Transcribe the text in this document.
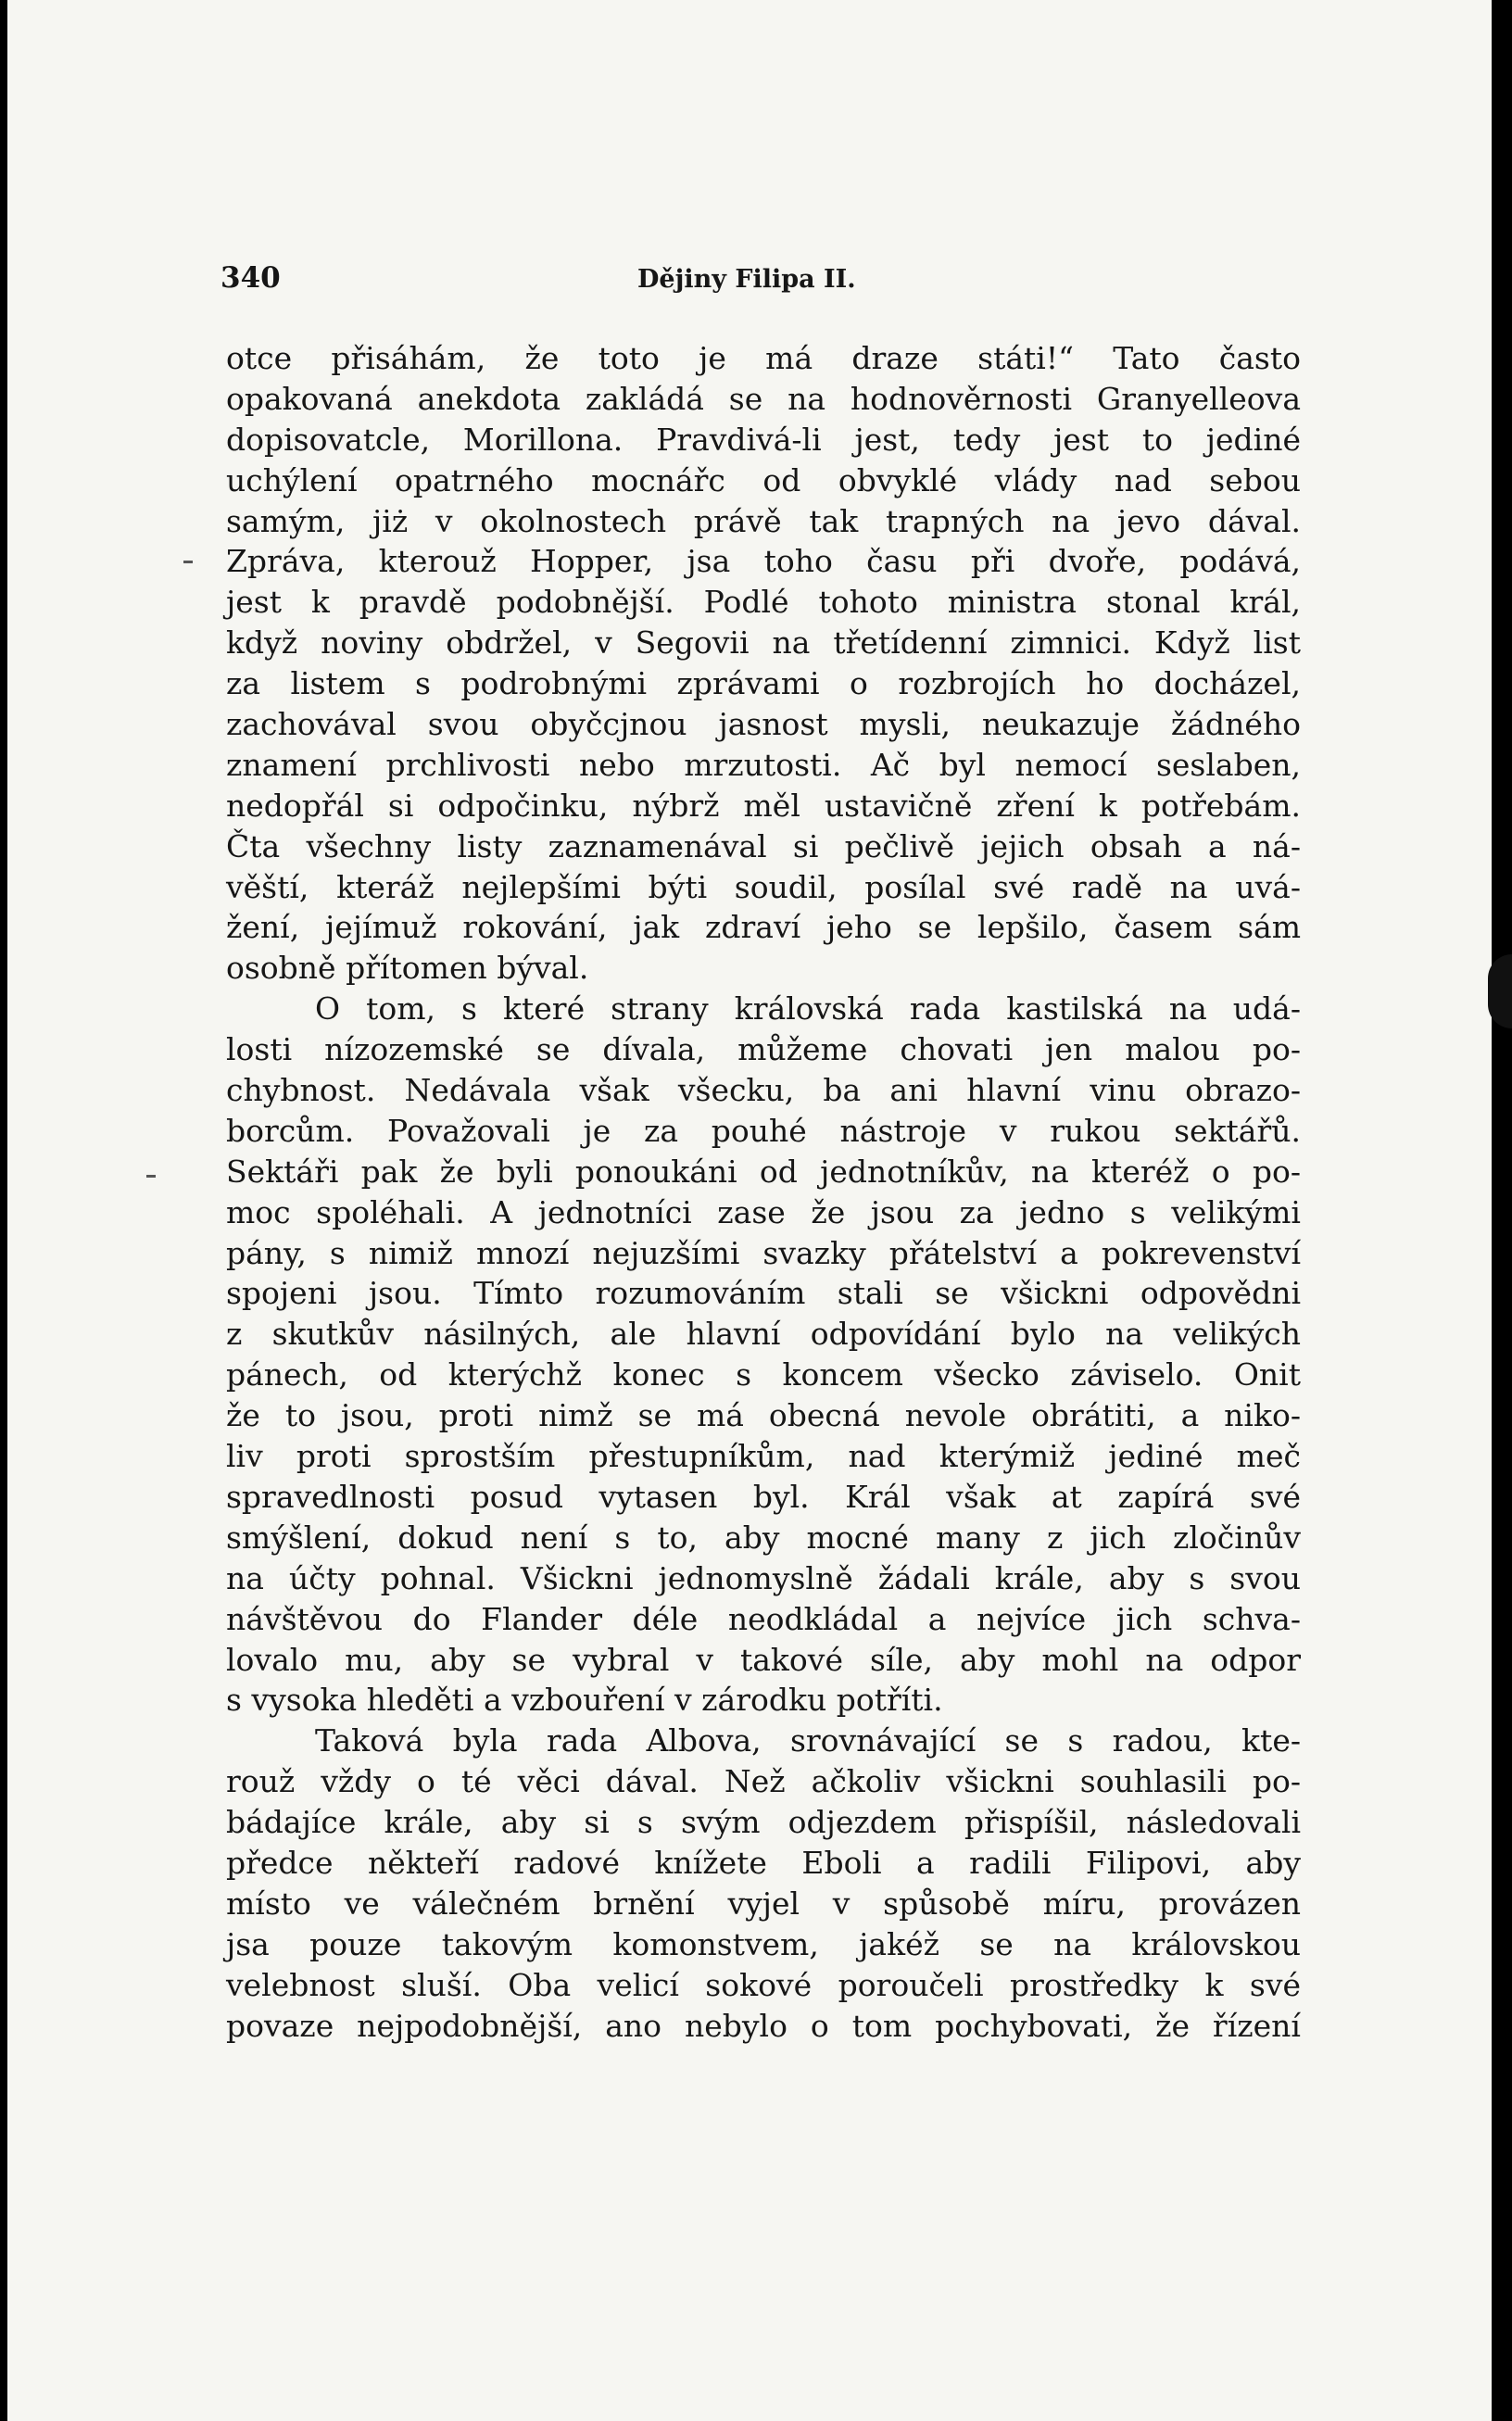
340	Dějiny Filipa II.
otce přisáhám, že toto je má draze státi!“ Tato často
opakovaná anekdota zakládá se na hodnověrnosti Granyelleova
dopisovatcle, Morillona. Pravdivá-li jest, tedy jest to jediné
uchýlení opatrného mocnářc od obvyklé vlády nad sebou
samým, jiż v okolnostech právě tak trapných na jevo dával.
Zpráva, kterouž Hopper, jsa toho času při dvoře, podává,
jest k pravdě podobnější. Podlé tohoto ministra stonal král,
když noviny obdržel, v Segovii na třetídenní zimnici. Když list
za listem s podrobnými zprávami o rozbrojích ho docházel,
zachovával svou obyčcjnou jasnost mysli, neukazuje žádného
znamení prchlivosti nebo mrzutosti. Ač byl nemocí seslaben,
nedopřál si odpočinku, nýbrž měl ustavičně zření k potřebám.
Čta všechny listy zaznamenával si pečlivě jejich obsah a ná-
věští, kteráž nejlepšími býti soudil, posílal své radě na uvá-
žení, jejímuž rokování, jak zdraví jeho se lepšilo, časem sám
osobně přítomen býval.
O tom, s které strany královská rada kastilská na udá-
losti nízozemské se dívala, můžeme chovati jen malou po-
chybnost. Nedávala však všecku, ba ani hlavní vinu obrazo-
borcům. Považovali je za pouhé nástroje v rukou sektářů.
Sektáři pak že byli ponoukáni od jednotníkův, na kteréž o po-
moc spoléhali. A jednotníci zase že jsou za jedno s velikými
pány, s nimiž mnozí nejuzšími svazky přátelství a pokrevenství
spojeni jsou. Tímto rozumováním stali se všickni odpovědni
z skutkův násilných, ale hlavní odpovídání bylo na velikých
pánech, od kterýchž konec s koncem všecko záviselo. Onit
že to jsou, proti nimž se má obecná nevole obrátiti, a niko-
liv proti sprostším přestupníkům, nad kterýmiž jediné meč
spravedlnosti posud vytasen byl. Král však at zapírá své
smýšlení, dokud není s to, aby mocné many z jich zločinův
na účty pohnal. Všickni jednomyslně žádali krále, aby s svou
návštěvou do Flander déle neodkládal a nejvíce jich schva-
lovalo mu, aby se vybral v takové síle, aby mohl na odpor
s vysoka hleděti a vzbouření v zárodku potříti.
Taková byla rada Albova, srovnávající se s radou, kte-
rouž vždy o té věci dával. Než ačkoliv všickni souhlasili po-
bádajíce krále, aby si s svým odjezdem přispíšil, následovali
předce někteří radové knížete Eboli a radili Filipovi, aby
místo ve válečném brnění vyjel v spůsobě míru, provázen
jsa pouze takovým komonstvem, jakéž se na královskou
velebnost sluší. Oba velicí sokové poroučeli prostředky k své
povaze nejpodobnější, ano nebylo o tom pochybovati, že řízení
